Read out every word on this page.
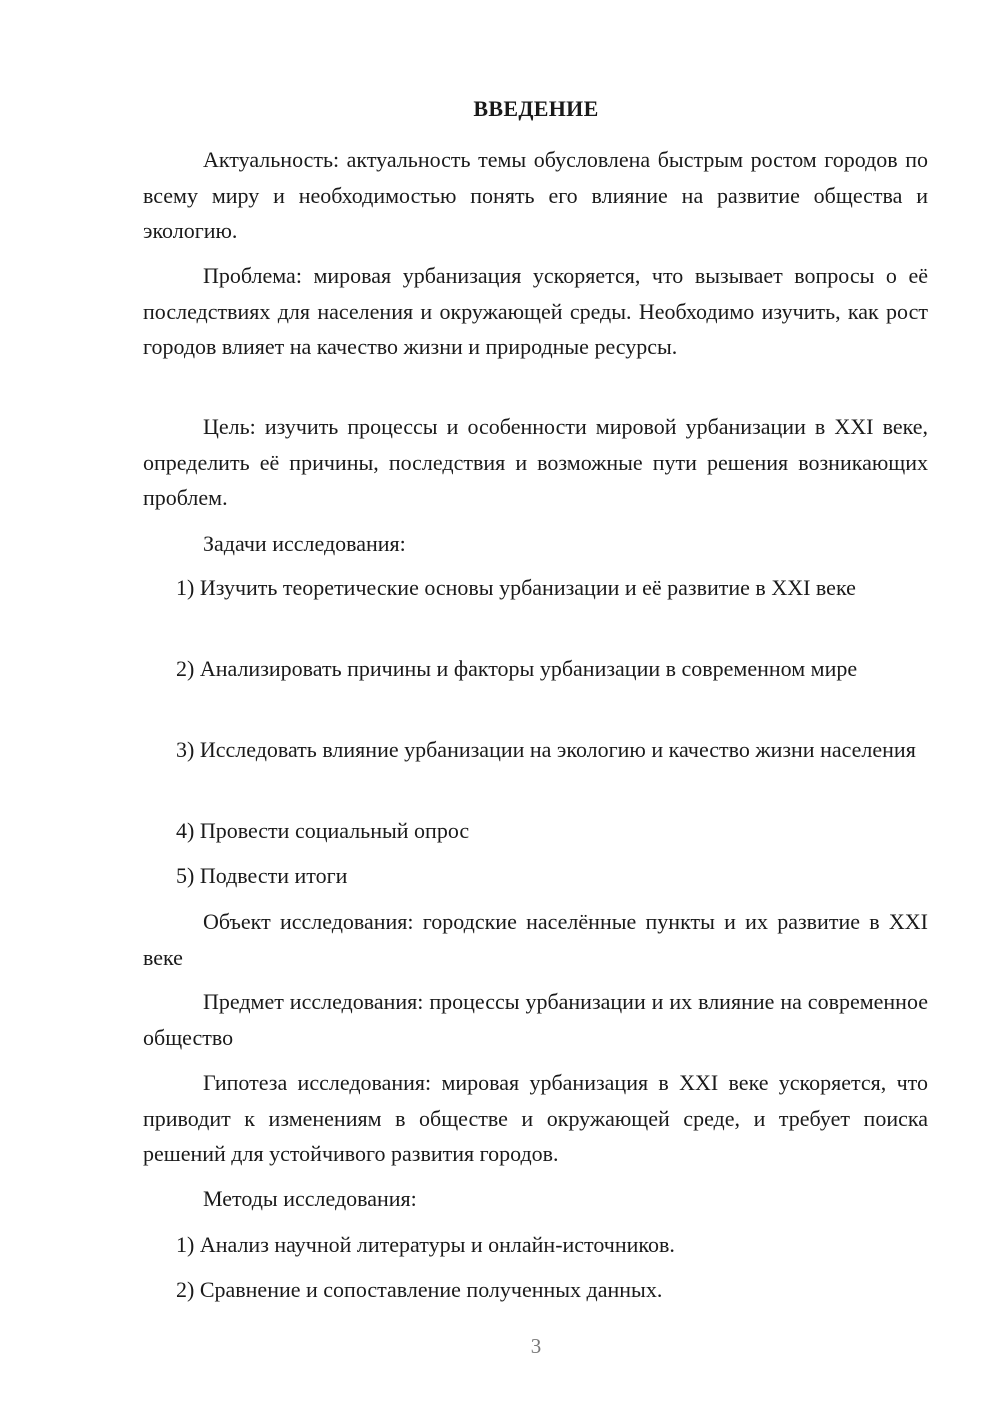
ВВЕДЕНИЕ

Актуальность: актуальность темы обусловлена быстрым ростом городов по всему миру и необходимостью понять его влияние на развитие общества и экологию.

Проблема: мировая урбанизация ускоряется, что вызывает вопросы о её последствиях для населения и окружающей среды. Необходимо изучить, как рост городов влияет на качество жизни и природные ресурсы.

Цель: изучить процессы и особенности мировой урбанизации в XXI веке, определить её причины, последствия и возможные пути решения возникающих проблем.

Задачи исследования:

1) Изучить теоретические основы урбанизации и её развитие в XXI веке

2) Анализировать причины и факторы урбанизации в современном мире

3) Исследовать влияние урбанизации на экологию и качество жизни населения

4) Провести социальный опрос

5) Подвести итоги

Объект исследования: городские населённые пункты и их развитие в XXI веке

Предмет исследования: процессы урбанизации и их влияние на современное общество

Гипотеза исследования: мировая урбанизация в XXI веке ускоряется, что приводит к изменениям в обществе и окружающей среде, и требует поиска решений для устойчивого развития городов.

Методы исследования:

1) Анализ научной литературы и онлайн-источников.

2) Сравнение и сопоставление полученных данных.

3
